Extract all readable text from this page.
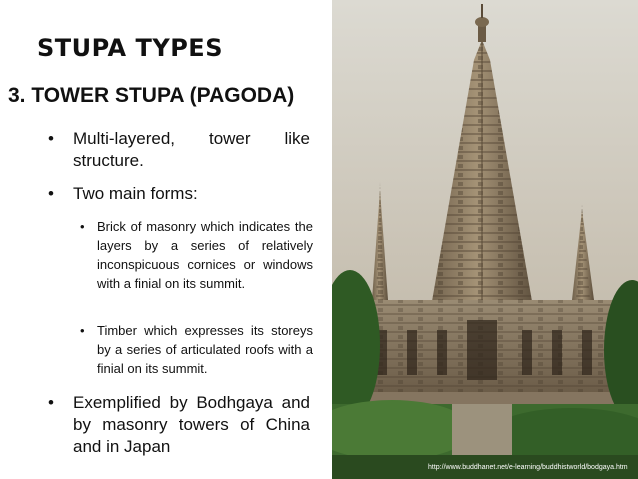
STUPA TYPES
3. TOWER STUPA (PAGODA)
• Multi-layered, tower like structure.
• Two main forms:
• Brick of masonry which indicates the layers by a series of relatively inconspicuous cornices or windows with a finial on its summit.
• Timber which expresses its storeys by a series of articulated roofs with a finial on its summit.
• Exemplified by Bodhgaya and by masonry towers of China and in Japan
http://www.buddhanet.net/e-learning/buddhistworld/bodgaya.htm
